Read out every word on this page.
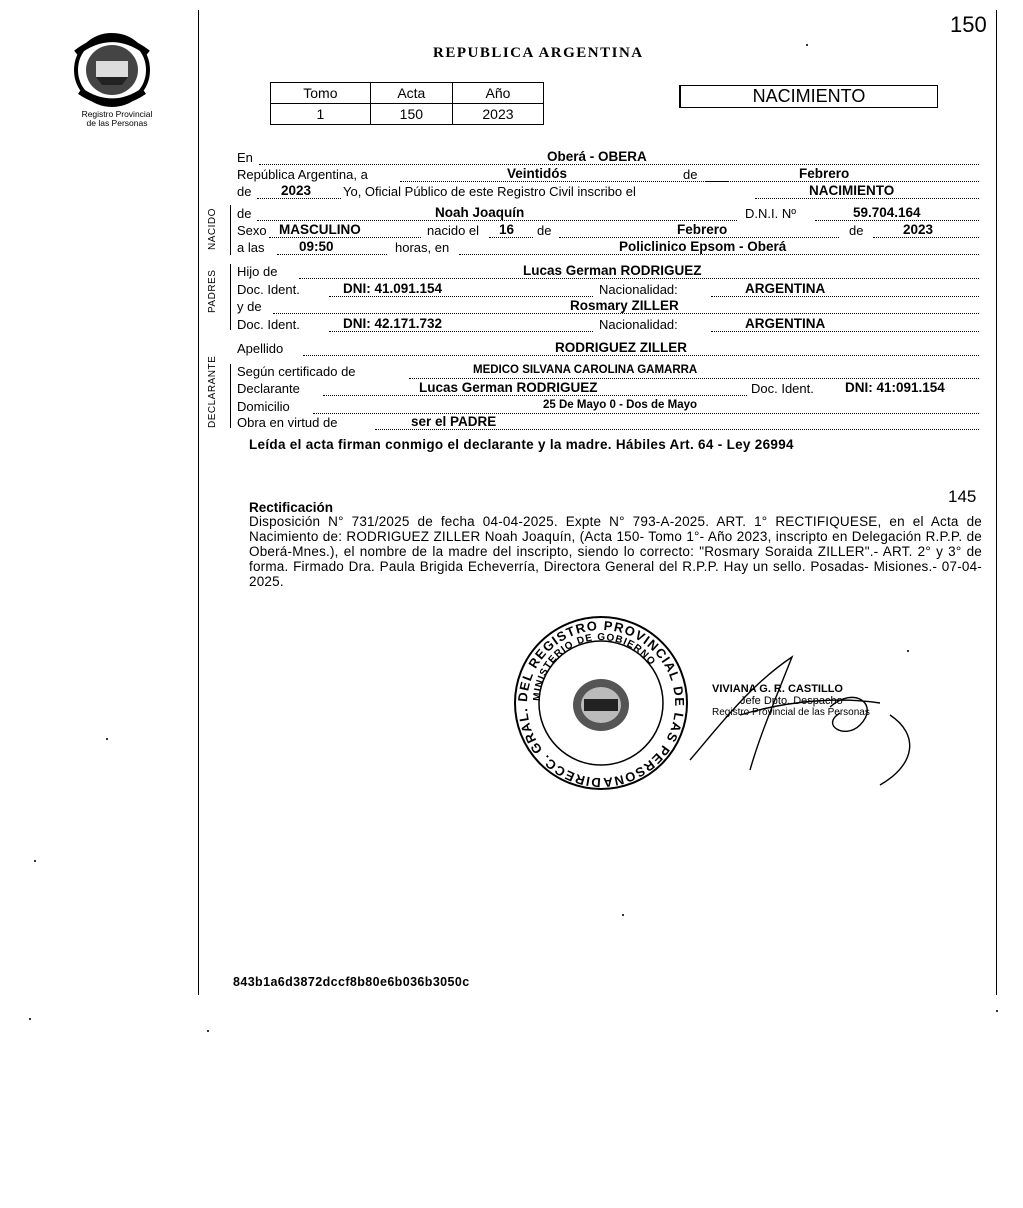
150
Registro Provincial
de las Personas
REPUBLICA ARGENTINA
Tomo	Acta	Año
1	150	2023
NACIMIENTO
En	Oberá - OBERA
República Argentina, a	Veintidós	de	Febrero
de 2023 Yo, Oficial Público de este Registro Civil inscribo el	NACIMIENTO
NACIDO de	Noah Joaquín	D.N.I. Nº	59.704.164
Sexo MASCULINO	nacido el 16 de	Febrero	de	2023
a las	09:50	horas, en	Policlinico Epsom - Oberá
PADRES Hijo de	Lucas German RODRIGUEZ
Doc. Ident.	DNI: 41.091.154	Nacionalidad:	ARGENTINA
y de	Rosmary ZILLER
Doc. Ident.	DNI: 42.171.732	Nacionalidad:	ARGENTINA
Apellido	RODRIGUEZ ZILLER
DECLARANTE Según certificado de	MEDICO SILVANA CAROLINA GAMARRA
Declarante	Lucas German RODRIGUEZ	Doc. Ident. DNI: 41:091.154
Domicilio	25 De Mayo 0 - Dos de Mayo
Obra en virtud de	ser el PADRE
Leída el acta firman conmigo el declarante y la madre. Hábiles Art. 64 - Ley 26994
145
Rectificación
Disposición N° 731/2025 de fecha 04-04-2025. Expte N° 793-A-2025. ART. 1° RECTIFIQUESE, en el Acta de Nacimiento de: RODRIGUEZ ZILLER Noah Joaquín, (Acta 150- Tomo 1°- Año 2023, inscripto en Delegación R.P.P. de Oberá-Mnes.), el nombre de la madre del inscripto, siendo lo correcto: "Rosmary Soraida ZILLER".- ART. 2° y 3° de forma. Firmado Dra. Paula Brigida Echeverría, Directora General del R.P.P. Hay un sello. Posadas- Misiones.- 07-04-2025.
DIRECC. GRAL. DEL REGISTRO PROVINCIAL DE LAS PERSONA
MINISTERIO DE GOBIERNO
VIVIANA G. R. CASTILLO
Jefe Dpto. Despacho
Registro Provincial de las Personas
843b1a6d3872dccf8b80e6b036b3050c
